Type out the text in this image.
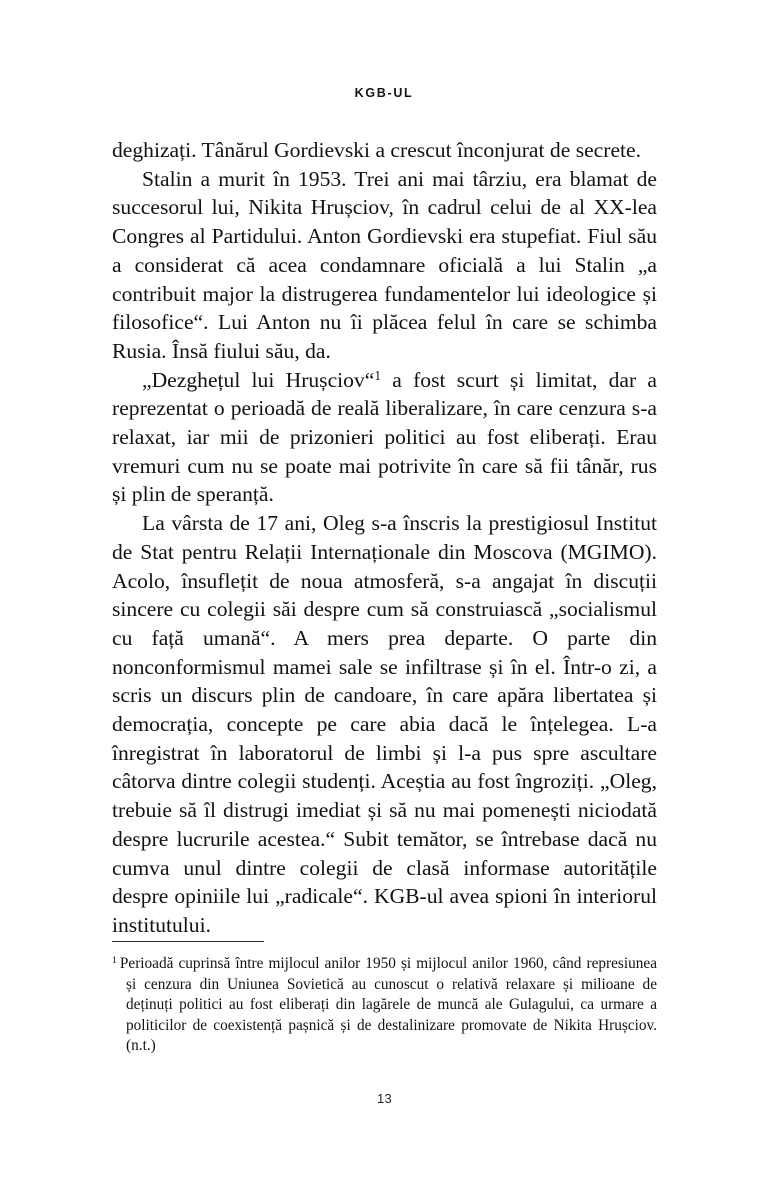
KGB-UL

deghizați. Tânărul Gordievski a crescut înconjurat de secrete.

Stalin a murit în 1953. Trei ani mai târziu, era blamat de succesorul lui, Nikita Hrușciov, în cadrul celui de al XX-lea Congres al Partidului. Anton Gordievski era stupefiat. Fiul său a considerat că acea condamnare oficială a lui Stalin „a contribuit major la distrugerea fundamentelor lui ideologice și filosofice“. Lui Anton nu îi plăcea felul în care se schimba Rusia. Însă fiului său, da.

„Dezghețul lui Hrușciov“$^1$ a fost scurt și limitat, dar a reprezentat o perioadă de reală liberalizare, în care cenzura s-a relaxat, iar mii de prizonieri politici au fost eliberați. Erau vremuri cum nu se poate mai potrivite în care să fii tânăr, rus și plin de speranță.

La vârsta de 17 ani, Oleg s-a înscris la prestigiosul Institut de Stat pentru Relații Internaționale din Moscova (MGIMO). Acolo, însuflețit de noua atmosferă, s-a angajat în discuții sincere cu colegii săi despre cum să construiască „socialismul cu față umană“. A mers prea departe. O parte din nonconformismul mamei sale se infiltrase și în el. Într-o zi, a scris un discurs plin de candoare, în care apăra libertatea și democrația, concepte pe care abia dacă le înțelegea. L-a înregistrat în laboratorul de limbi și l-a pus spre ascultare câtorva dintre colegii studenți. Aceștia au fost îngroziți. „Oleg, trebuie să îl distrugi imediat și să nu mai pomenești niciodată despre lucrurile acestea.“ Subit temător, se întrebase dacă nu cumva unul dintre colegii de clasă informase autoritățile despre opiniile lui „radicale“. KGB-ul avea spioni în interiorul institutului.

$^1$ Perioadă cuprinsă între mijlocul anilor 1950 și mijlocul anilor 1960, când represiunea și cenzura din Uniunea Sovietică au cunoscut o relativă relaxare și milioane de deținuți politici au fost eliberați din lagărele de muncă ale Gulagului, ca urmare a politicilor de coexistență pașnică și de destalinizare promovate de Nikita Hrușciov. (n.t.)

13
